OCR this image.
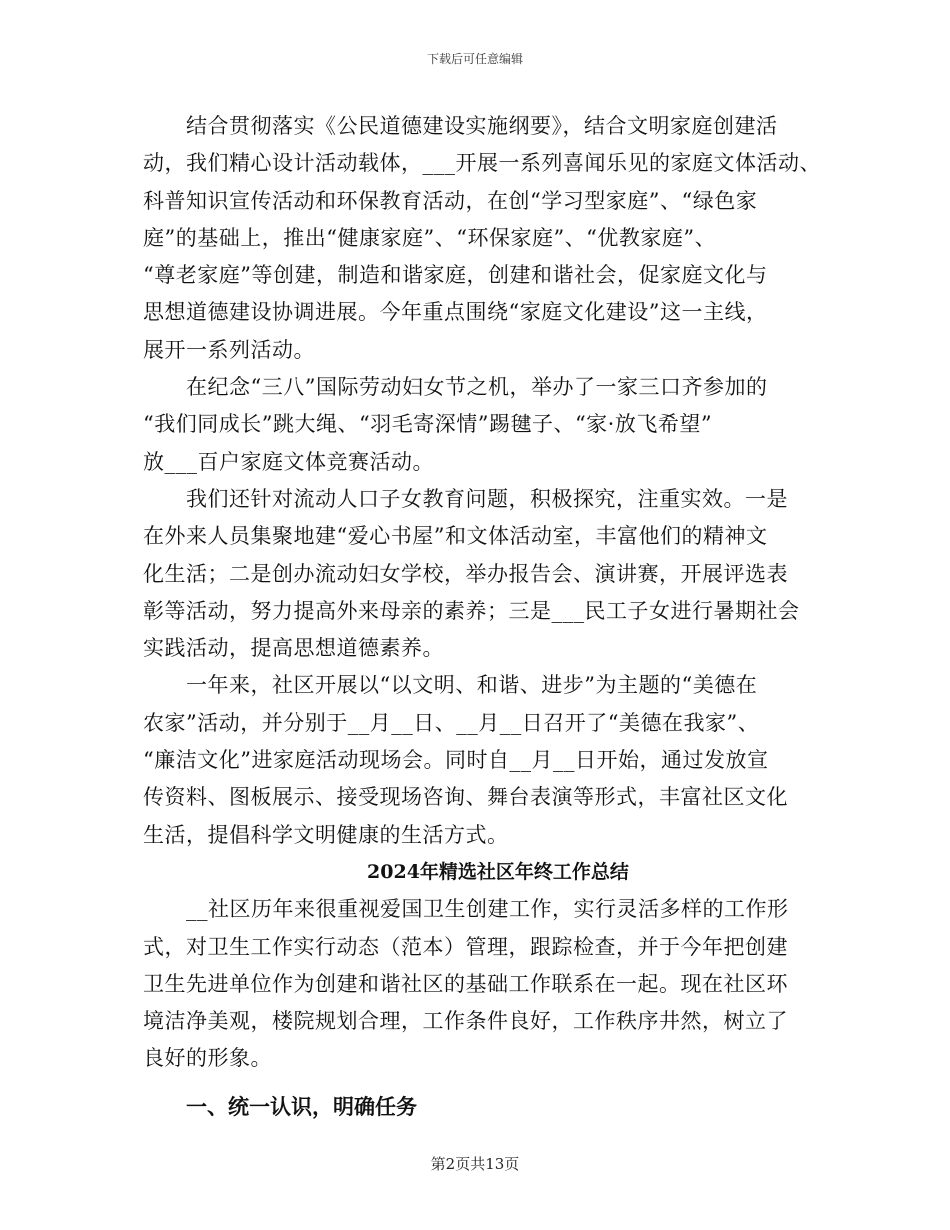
下载后可任意编辑
结合贯彻落实《公民道德建设实施纲要》，结合文明家庭创建活
动，我们精心设计活动载体，___开展一系列喜闻乐见的家庭文体活动、
科普知识宣传活动和环保教育活动，在创“学习型家庭”、“绿色家
庭”的基础上，推出“健康家庭”、“环保家庭”、“优教家庭”、
“尊老家庭”等创建，制造和谐家庭，创建和谐社会，促家庭文化与
思想道德建设协调进展。今年重点围绕“家庭文化建设”这一主线，
展开一系列活动。
在纪念“三八”国际劳动妇女节之机，举办了一家三口齐参加的
“我们同成长”跳大绳、“羽毛寄深情”踢毽子、“家·放飞希望”
放___百户家庭文体竞赛活动。
我们还针对流动人口子女教育问题，积极探究，注重实效。一是
在外来人员集聚地建“爱心书屋”和文体活动室，丰富他们的精神文
化生活；二是创办流动妇女学校，举办报告会、演讲赛，开展评选表
彰等活动，努力提高外来母亲的素养；三是___民工子女进行暑期社会
实践活动，提高思想道德素养。
一年来，社区开展以“以文明、和谐、进步”为主题的“美德在
农家”活动，并分别于__月__日、__月__日召开了“美德在我家”、
“廉洁文化”进家庭活动现场会。同时自__月__日开始，通过发放宣
传资料、图板展示、接受现场咨询、舞台表演等形式，丰富社区文化
生活，提倡科学文明健康的生活方式。
2024年精选社区年终工作总结
__社区历年来很重视爱国卫生创建工作，实行灵活多样的工作形
式，对卫生工作实行动态（范本）管理，跟踪检查，并于今年把创建
卫生先进单位作为创建和谐社区的基础工作联系在一起。现在社区环
境洁净美观，楼院规划合理，工作条件良好，工作秩序井然，树立了
良好的形象。
一、统一认识，明确任务
第2页共13页
